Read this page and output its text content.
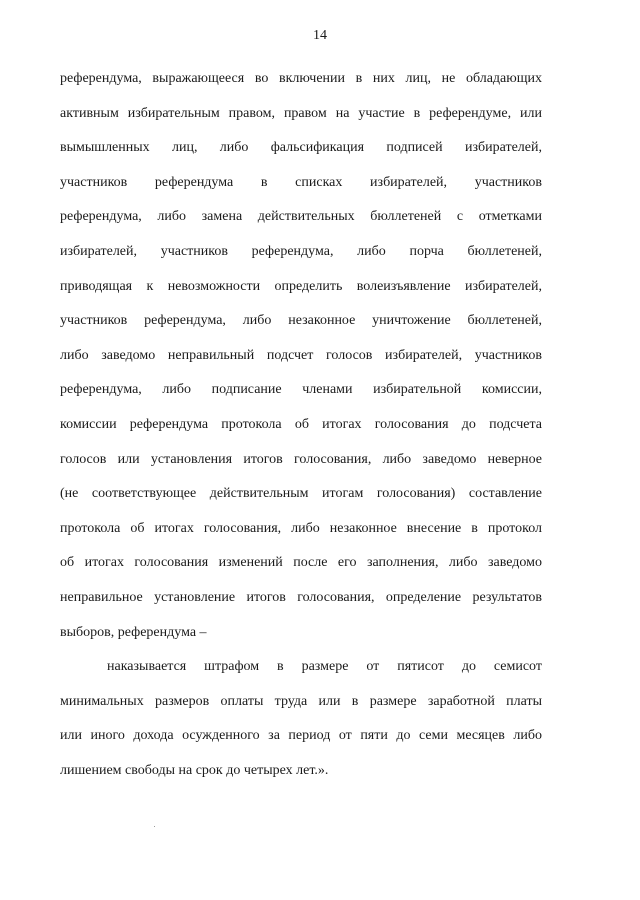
14
референдума, выражающееся во включении в них лиц, не обладающих
активным избирательным правом, правом на участие в референдуме, или
вымышленных лиц, либо фальсификация подписей избирателей,
участников референдума в списках избирателей, участников
референдума, либо замена действительных бюллетеней с отметками
избирателей, участников референдума, либо порча бюллетеней,
приводящая к невозможности определить волеизъявление избирателей,
участников референдума, либо незаконное уничтожение бюллетеней,
либо заведомо неправильный подсчет голосов избирателей, участников
референдума, либо подписание членами избирательной комиссии,
комиссии референдума протокола об итогах голосования до подсчета
голосов или установления итогов голосования, либо заведомо неверное
(не соответствующее действительным итогам голосования) составление
протокола об итогах голосования, либо незаконное внесение в протокол
об итогах голосования изменений после его заполнения, либо заведомо
неправильное установление итогов голосования, определение результатов
выборов, референдума –
наказывается штрафом в размере от пятисот до семисот
минимальных размеров оплаты труда или в размере заработной платы
или иного дохода осужденного за период от пяти до семи месяцев либо
лишением свободы на срок до четырех лет.».
